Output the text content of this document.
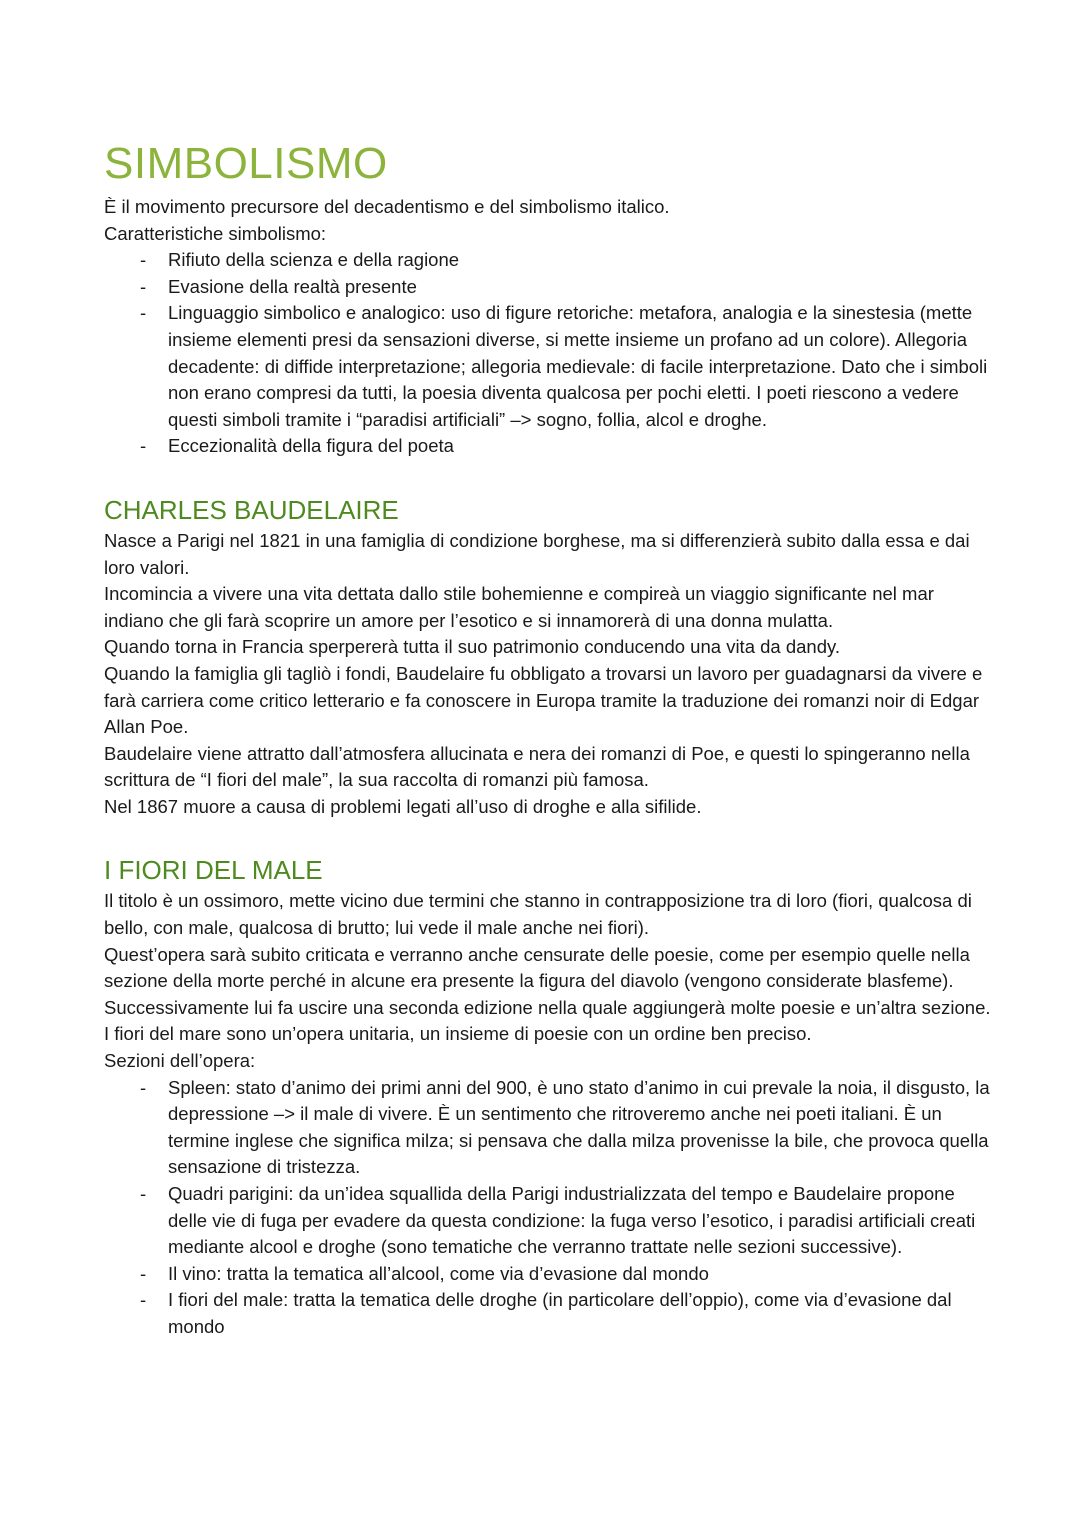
SIMBOLISMO

È il movimento precursore del decadentismo e del simbolismo italico.

Caratteristiche simbolismo:

- Rifiuto della scienza e della ragione
- Evasione della realtà presente
- Linguaggio simbolico e analogico: uso di figure retoriche: metafora, analogia e la sinestesia (mette insieme elementi presi da sensazioni diverse, si mette insieme un profano ad un colore). Allegoria decadente: di diffide interpretazione; allegoria medievale: di facile interpretazione. Dato che i simboli non erano compresi da tutti, la poesia diventa qualcosa per pochi eletti. I poeti riescono a vedere questi simboli tramite i “paradisi artificiali” –> sogno, follia, alcol e droghe.
- Eccezionalità della figura del poeta
CHARLES BAUDELAIRE

Nasce a Parigi nel 1821 in una famiglia di condizione borghese, ma si differenzierà subito dalla essa e dai loro valori.

Incomincia a vivere una vita dettata dallo stile bohemienne e compireà un viaggio significante nel mar indiano che gli farà scoprire un amore per l’esotico e si innamorerà di una donna mulatta.

Quando torna in Francia sperpererà tutta il suo patrimonio conducendo una vita da dandy.

Quando la famiglia gli tagliò i fondi, Baudelaire fu obbligato a trovarsi un lavoro per guadagnarsi da vivere e farà carriera come critico letterario e fa conoscere in Europa tramite la traduzione dei romanzi noir di Edgar Allan Poe.

Baudelaire viene attratto dall’atmosfera allucinata e nera dei romanzi di Poe, e questi lo spingeranno nella scrittura de “I fiori del male”, la sua raccolta di romanzi più famosa.

Nel 1867 muore a causa di problemi legati all’uso di droghe e alla sifilide.

I FIORI DEL MALE

Il titolo è un ossimoro, mette vicino due termini che stanno in contrapposizione tra di loro (fiori, qualcosa di bello, con male, qualcosa di brutto; lui vede il male anche nei fiori).

Quest’opera sarà subito criticata e verranno anche censurate delle poesie, come per esempio quelle nella sezione della morte perché in alcune era presente la figura del diavolo (vengono considerate blasfeme). Successivamente lui fa uscire una seconda edizione nella quale aggiungerà molte poesie e un’altra sezione.

I fiori del mare sono un’opera unitaria, un insieme di poesie con un ordine ben preciso.

Sezioni dell’opera:

- Spleen: stato d’animo dei primi anni del 900, è uno stato d’animo in cui prevale la noia, il disgusto, la depressione –> il male di vivere. È un sentimento che ritroveremo anche nei poeti italiani. È un termine inglese che significa milza; si pensava che dalla milza provenisse la bile, che provoca quella sensazione di tristezza.
- Quadri parigini: da un’idea squallida della Parigi industrializzata del tempo e Baudelaire propone delle vie di fuga per evadere da questa condizione: la fuga verso l’esotico, i paradisi artificiali creati mediante alcool e droghe (sono tematiche che verranno trattate nelle sezioni successive).
- Il vino: tratta la tematica all’alcool, come via d’evasione dal mondo
- I fiori del male: tratta la tematica delle droghe (in particolare dell’oppio), come via d’evasione dal mondo
